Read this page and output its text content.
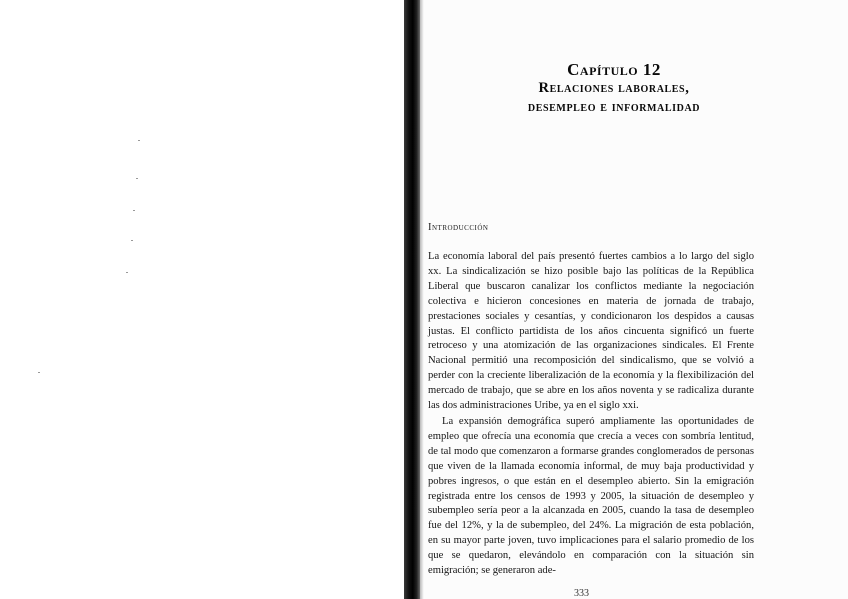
Capítulo 12
Relaciones laborales,
desempleo e informalidad
Introducción

La economía laboral del país presentó fuertes cambios a lo largo del siglo xx. La sindicalización se hizo posible bajo las políticas de la República Liberal que buscaron canalizar los conflictos mediante la negociación colectiva e hicieron concesiones en materia de jornada de trabajo, prestaciones sociales y cesantías, y condicionaron los despidos a causas justas. El conflicto partidista de los años cincuenta significó un fuerte retroceso y una atomización de las organizaciones sindicales. El Frente Nacional permitió una recomposición del sindicalismo, que se volvió a perder con la creciente liberalización de la economía y la flexibilización del mercado de trabajo, que se abre en los años noventa y se radicaliza durante las dos administraciones Uribe, ya en el siglo xxi.

La expansión demográfica superó ampliamente las oportunidades de empleo que ofrecía una economía que crecía a veces con sombría lentitud, de tal modo que comenzaron a formarse grandes conglomerados de personas que viven de la llamada economía informal, de muy baja productividad y pobres ingresos, o que están en el desempleo abierto. Sin la emigración registrada entre los censos de 1993 y 2005, la situación de desempleo y subempleo sería peor a la alcanzada en 2005, cuando la tasa de desempleo fue del 12%, y la de subempleo, del 24%. La migración de esta población, en su mayor parte joven, tuvo implicaciones para el salario promedio de los que se quedaron, elevándolo en comparación con la situación sin emigración; se generaron ade-

333
